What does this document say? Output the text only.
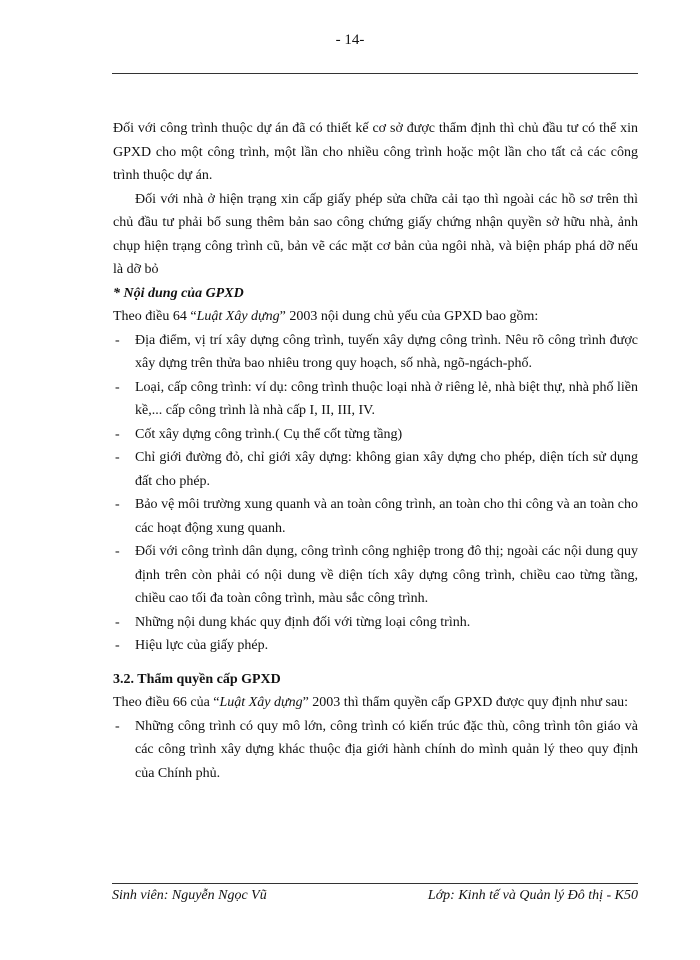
- 14-

Đối với công trình thuộc dự án đã có thiết kế cơ sở được thẩm định thì chủ đầu tư có thể xin GPXD cho một công trình, một lần cho nhiều công trình hoặc một lần cho tất cả các công trình thuộc dự án.

Đối với nhà ở hiện trạng xin cấp giấy phép sửa chữa cải tạo thì ngoài các hồ sơ trên thì chủ đầu tư phải bổ sung thêm bản sao công chứng giấy chứng nhận quyền sở hữu nhà, ảnh chụp hiện trạng công trình cũ, bản vẽ các mặt cơ bản của ngôi nhà, và biện pháp phá dỡ nếu là dỡ bỏ

* Nội dung của GPXD

Theo điều 64 “Luật Xây dựng” 2003 nội dung chủ yếu của GPXD bao gồm:

- Địa điểm, vị trí xây dựng công trình, tuyến xây dựng công trình. Nêu rõ công trình được xây dựng trên thửa bao nhiêu trong quy hoạch, số nhà, ngõ-ngách-phố.
- Loại, cấp công trình: ví dụ: công trình thuộc loại nhà ở riêng lẻ, nhà biệt thự, nhà phố liền kề,... cấp công trình là nhà cấp I, II, III, IV.
- Cốt xây dựng công trình.( Cụ thể cốt từng tầng)
- Chỉ giới đường đỏ, chỉ giới xây dựng: không gian xây dựng cho phép, diện tích sử dụng đất cho phép.
- Bảo vệ môi trường xung quanh và an toàn công trình, an toàn cho thi công và an toàn cho các hoạt động xung quanh.
- Đối với công trình dân dụng, công trình công nghiệp trong đô thị; ngoài các nội dung quy định trên còn phải có nội dung về diện tích xây dựng công trình, chiều cao từng tầng, chiều cao tối đa toàn công trình, màu sắc công trình.
- Những nội dung khác quy định đối với từng loại công trình.
- Hiệu lực của giấy phép.

3.2. Thẩm quyền cấp GPXD

Theo điều 66 của “Luật Xây dựng” 2003 thì thẩm quyền cấp GPXD được quy định như sau:

- Những công trình có quy mô lớn, công trình có kiến trúc đặc thù, công trình tôn giáo và các công trình xây dựng khác thuộc địa giới hành chính do mình quản lý theo quy định của Chính phủ.
Sinh viên: Nguyễn Ngọc Vũ	Lớp: Kinh tế và Quản lý Đô thị - K50
